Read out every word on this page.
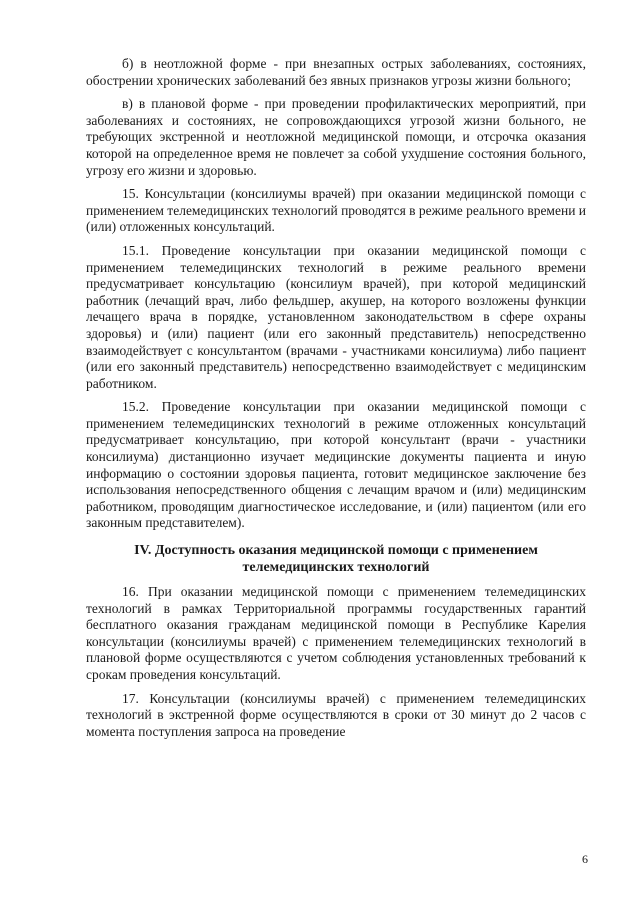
б) в неотложной форме - при внезапных острых заболеваниях, состояниях, обострении хронических заболеваний без явных признаков угрозы жизни больного;

в) в плановой форме - при проведении профилактических мероприятий, при заболеваниях и состояниях, не сопровождающихся угрозой жизни больного, не требующих экстренной и неотложной медицинской помощи, и отсрочка оказания которой на определенное время не повлечет за собой ухудшение состояния больного, угрозу его жизни и здоровью.

15. Консультации (консилиумы врачей) при оказании медицинской помощи с применением телемедицинских технологий проводятся в режиме реального времени и (или) отложенных консультаций.

15.1. Проведение консультации при оказании медицинской помощи с применением телемедицинских технологий в режиме реального времени предусматривает консультацию (консилиум врачей), при которой медицинский работник (лечащий врач, либо фельдшер, акушер, на которого возложены функции лечащего врача в порядке, установленном законодательством в сфере охраны здоровья) и (или) пациент (или его законный представитель) непосредственно взаимодействует с консультантом (врачами - участниками консилиума) либо пациент (или его законный представитель) непосредственно взаимодействует с медицинским работником.

15.2. Проведение консультации при оказании медицинской помощи с применением телемедицинских технологий в режиме отложенных консультаций предусматривает консультацию, при которой консультант (врачи - участники консилиума) дистанционно изучает медицинские документы пациента и иную информацию о состоянии здоровья пациента, готовит медицинское заключение без использования непосредственного общения с лечащим врачом и (или) медицинским работником, проводящим диагностическое исследование, и (или) пациентом (или его законным представителем).

IV. Доступность оказания медицинской помощи с применением телемедицинских технологий

16. При оказании медицинской помощи с применением телемедицинских технологий в рамках Территориальной программы государственных гарантий бесплатного оказания гражданам медицинской помощи в Республике Карелия консультации (консилиумы врачей) с применением телемедицинских технологий в плановой форме осуществляются с учетом соблюдения установленных требований к срокам проведения консультаций.

17. Консультации (консилиумы врачей) с применением телемедицинских технологий в экстренной форме осуществляются в сроки от 30 минут до 2 часов с момента поступления запроса на проведение

6
